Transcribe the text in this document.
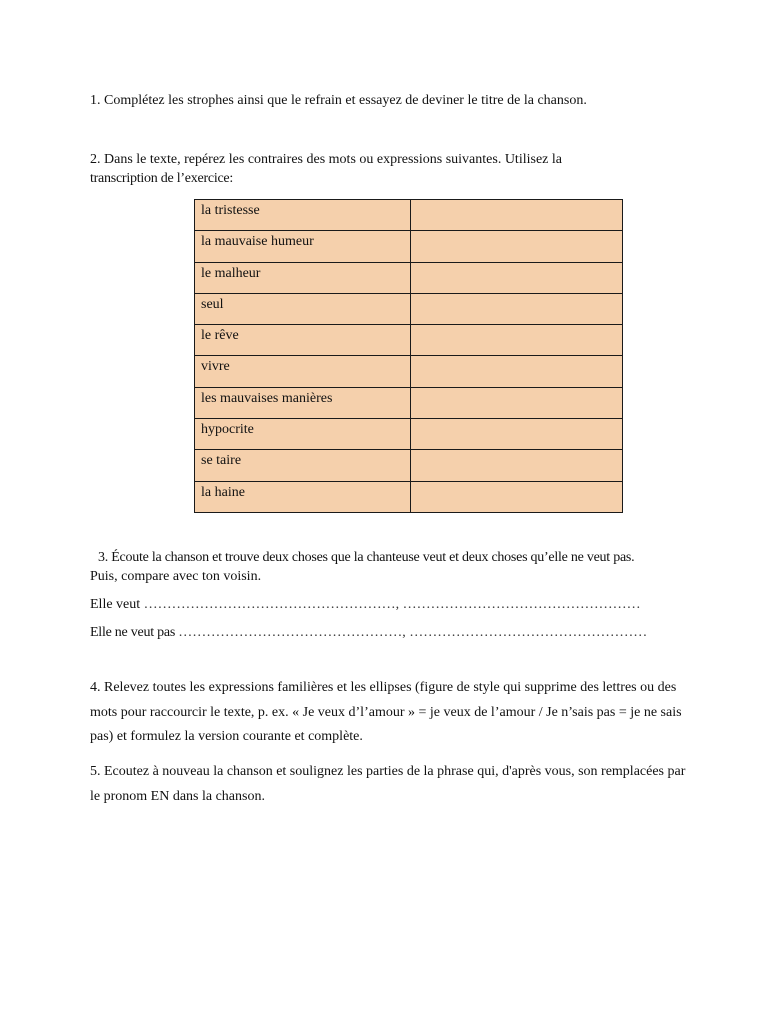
1. Complétez les strophes ainsi que le refrain et essayez de deviner le titre de la chanson.
2. Dans le texte, repérez les contraires des mots ou expressions suivantes. Utilisez la
transcription de l’exercice:
la tristesse	
la mauvaise humeur	
le malheur	
seul	
le rêve	
vivre	
les mauvaises manières	
hypocrite	
se taire	
la haine	
3. Écoute la chanson et trouve deux choses que la chanteuse veut et deux choses qu’elle ne veut pas.
Puis, compare avec ton voisin.
Elle veut ………………………………………………, ……………………………………………
Elle ne veut pas …………………………………………, ……………………………………………
4. Relevez toutes les expressions familières et les ellipses (figure de style qui supprime des lettres ou des
mots pour raccourcir le texte, p. ex. « Je veux d’l’amour » = je veux de l’amour / Je n’sais pas = je ne sais
pas) et formulez la version courante et complète.
5. Ecoutez à nouveau la chanson et soulignez les parties de la phrase qui, d'après vous, son remplacées par
le pronom EN dans la chanson.
